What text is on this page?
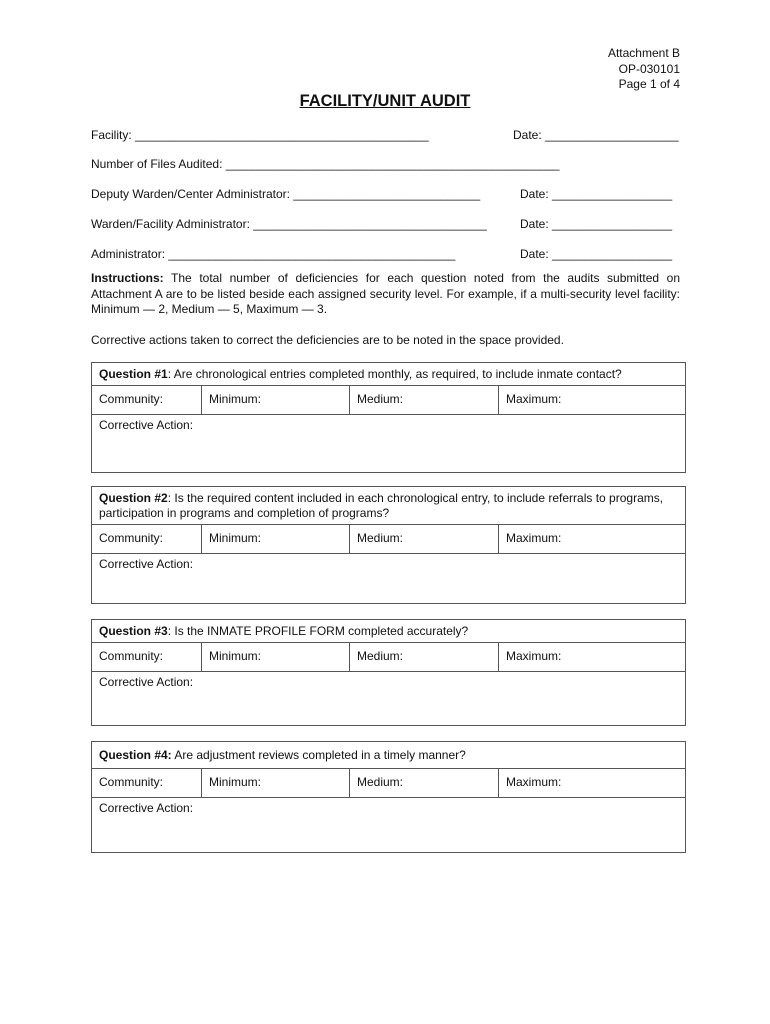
Attachment B
OP-030101
Page 1 of 4
FACILITY/UNIT AUDIT
Facility: ____________________________________________	Date: ____________________
Number of Files Audited: __________________________________________________
Deputy Warden/Center Administrator: ____________________________	Date: __________________
Warden/Facility Administrator: ___________________________________	Date: __________________
Administrator: ___________________________________________	Date: __________________
Instructions: The total number of deficiencies for each question noted from the audits submitted on Attachment A are to be listed beside each assigned security level. For example, if a multi-security level facility: Minimum — 2, Medium — 5, Maximum — 3.
Corrective actions taken to correct the deficiencies are to be noted in the space provided.
Question #1: Are chronological entries completed monthly, as required, to include inmate contact?
Community:	Minimum:	Medium:	Maximum:
Corrective Action:
Question #2: Is the required content included in each chronological entry, to include referrals to programs, participation in programs and completion of programs?
Community:	Minimum:	Medium:	Maximum:
Corrective Action:
Question #3: Is the INMATE PROFILE FORM completed accurately?
Community:	Minimum:	Medium:	Maximum:
Corrective Action:
Question #4: Are adjustment reviews completed in a timely manner?
Community:	Minimum:	Medium:	Maximum:
Corrective Action:
